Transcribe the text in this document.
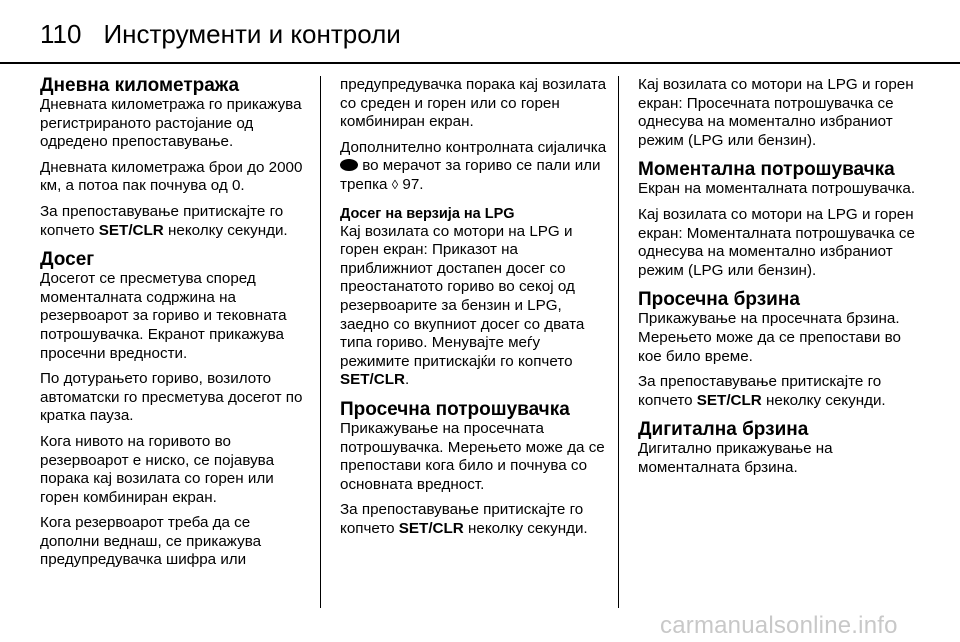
110 Инструменти и контроли
Дневна километража

Дневната километража го прикажува регистрираното растојание од одредено препоставување.

Дневната километража брои до 2000 км, а потоа пак почнува од 0.

За препоставување притискајте го копчето SET/CLR неколку секунди.

Досег

Досегот се пресметува според моменталната содржина на резервоарот за гориво и тековната потрошувачка. Екранот прикажува просечни вредности.

По дотурањето гориво, возилото автоматски го пресметува досегот по кратка пауза.

Кога нивото на горивото во резервоарот е ниско, се појавува порака кај возилата со горен или горен комбиниран екран.

Кога резервоарот треба да се дополни веднаш, се прикажува предупредувачка шифра или

предупредувачка порака кај возилата со среден и горен или со горен комбиниран екран.

Дополнително контролната сијаличка  во мерачот за гориво се пали или трепка ◊ 97.

Досег на верзија на LPG

Кај возилата со мотори на LPG и горен екран: Приказот на приближниот достапен досег со преостанатото гориво во секој од резервоарите за бензин и LPG, заедно со вкупниот досег со двата типа гориво. Менувајте меѓу режимите притискајќи го копчето SET/CLR.

Просечна потрошувачка

Прикажување на просечната потрошувачка. Мерењето може да се препостави кога било и почнува со основната вредност.

За препоставување притискајте го копчето SET/CLR неколку секунди.

Кај возилата со мотори на LPG и горен екран: Просечната потрошувачка се однесува на моментално избраниот режим (LPG или бензин).

Моментална потрошувачка

Екран на моменталната потрошувачка.

Кај возилата со мотори на LPG и горен екран: Моменталната потрошувачка се однесува на моментално избраниот режим (LPG или бензин).

Просечна брзина

Прикажување на просечната брзина. Мерењето може да се препостави во кое било време.

За препоставување притискајте го копчето SET/CLR неколку секунди.

Дигитална брзина

Дигитално прикажување на моменталната брзина.

carmanualsonline.info
